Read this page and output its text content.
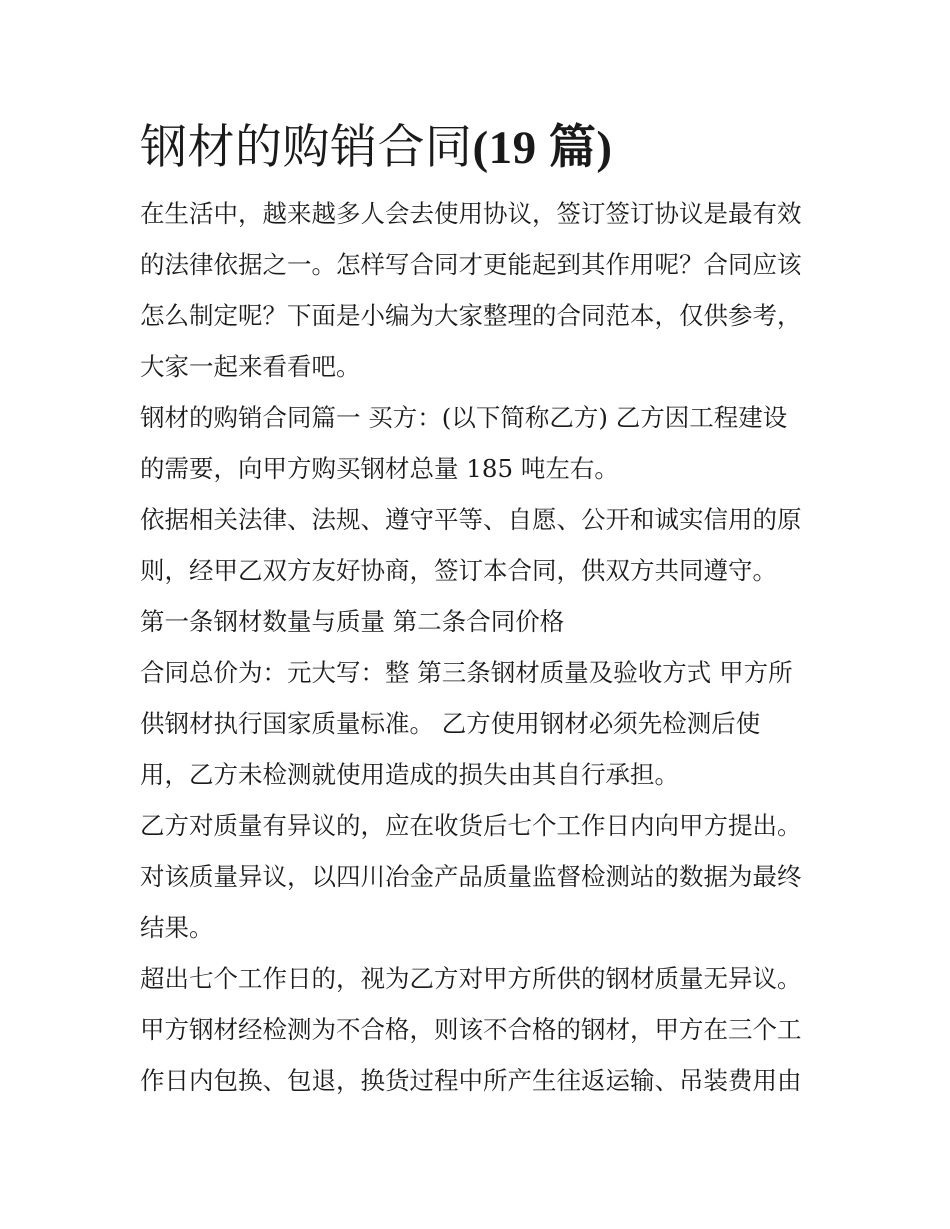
钢材的购销合同(19 篇)
在生活中，越来越多人会去使用协议，签订签订协议是最有效
的法律依据之一。怎样写合同才更能起到其作用呢？合同应该
怎么制定呢？下面是小编为大家整理的合同范本，仅供参考，
大家一起来看看吧。
钢材的购销合同篇一 买方：(以下简称乙方) 乙方因工程建设
的需要，向甲方购买钢材总量 185 吨左右。
依据相关法律、法规、遵守平等、自愿、公开和诚实信用的原
则，经甲乙双方友好协商，签订本合同，供双方共同遵守。
第一条钢材数量与质量 第二条合同价格
合同总价为：元大写：整 第三条钢材质量及验收方式 甲方所
供钢材执行国家质量标准。 乙方使用钢材必须先检测后使
用，乙方未检测就使用造成的损失由其自行承担。
乙方对质量有异议的，应在收货后七个工作日内向甲方提出。
对该质量异议，以四川冶金产品质量监督检测站的数据为最终
结果。
超出七个工作日的，视为乙方对甲方所供的钢材质量无异议。
甲方钢材经检测为不合格，则该不合格的钢材，甲方在三个工
作日内包换、包退，换货过程中所产生往返运输、吊装费用由
